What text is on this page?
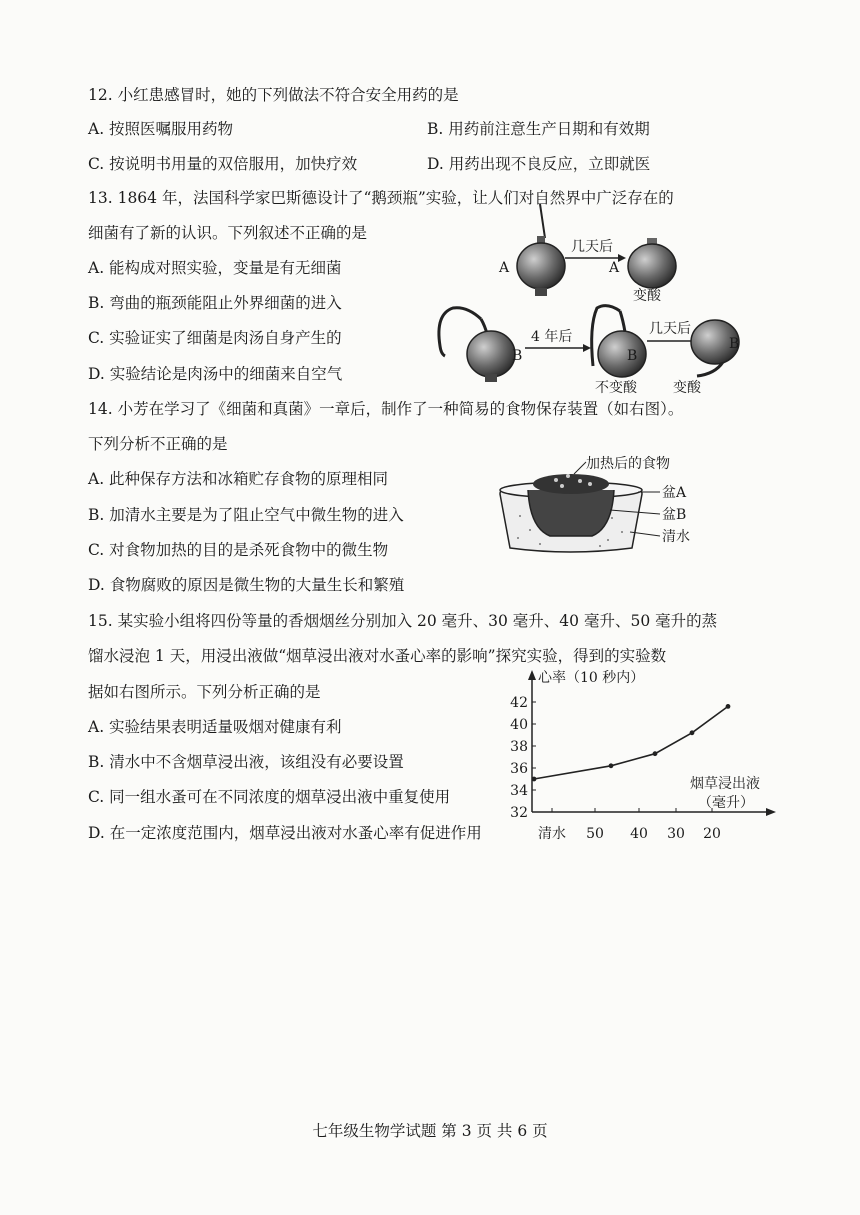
12. 小红患感冒时，她的下列做法不符合安全用药的是
A. 按照医嘱服用药物	B. 用药前注意生产日期和有效期
C. 按说明书用量的双倍服用，加快疗效	D. 用药出现不良反应，立即就医
13. 1864 年，法国科学家巴斯德设计了“鹅颈瓶”实验，让人们对自然界中广泛存在的
细菌有了新的认识。下列叙述不正确的是
A. 能构成对照实验，变量是有无细菌
B. 弯曲的瓶颈能阻止外界细菌的进入
C. 实验证实了细菌是肉汤自身产生的
D. 实验结论是肉汤中的细菌来自空气
A
几天后
A
变酸
B
4 年后
不变酸
B
几天后
B
变酸
14. 小芳在学习了《细菌和真菌》一章后，制作了一种简易的食物保存装置（如右图）。
下列分析不正确的是
A. 此种保存方法和冰箱贮存食物的原理相同
B. 加清水主要是为了阻止空气中微生物的进入
C. 对食物加热的目的是杀死食物中的微生物
D. 食物腐败的原因是微生物的大量生长和繁殖
加热后的食物
盆A
盆B
清水
15. 某实验小组将四份等量的香烟烟丝分别加入 20 毫升、30 毫升、40 毫升、50 毫升的蒸
馏水浸泡 1 天，用浸出液做“烟草浸出液对水蚤心率的影响”探究实验，得到的实验数
据如右图所示。下列分析正确的是
A. 实验结果表明适量吸烟对健康有利
B. 清水中不含烟草浸出液，该组没有必要设置
C. 同一组水蚤可在不同浓度的烟草浸出液中重复使用
D. 在一定浓度范围内，烟草浸出液对水蚤心率有促进作用
心率（10 秒内）
烟草浸出液
（毫升）
32
34
36
38
40
42
清水 50 40 30 20
七年级生物学试题 第 3 页 共 6 页
